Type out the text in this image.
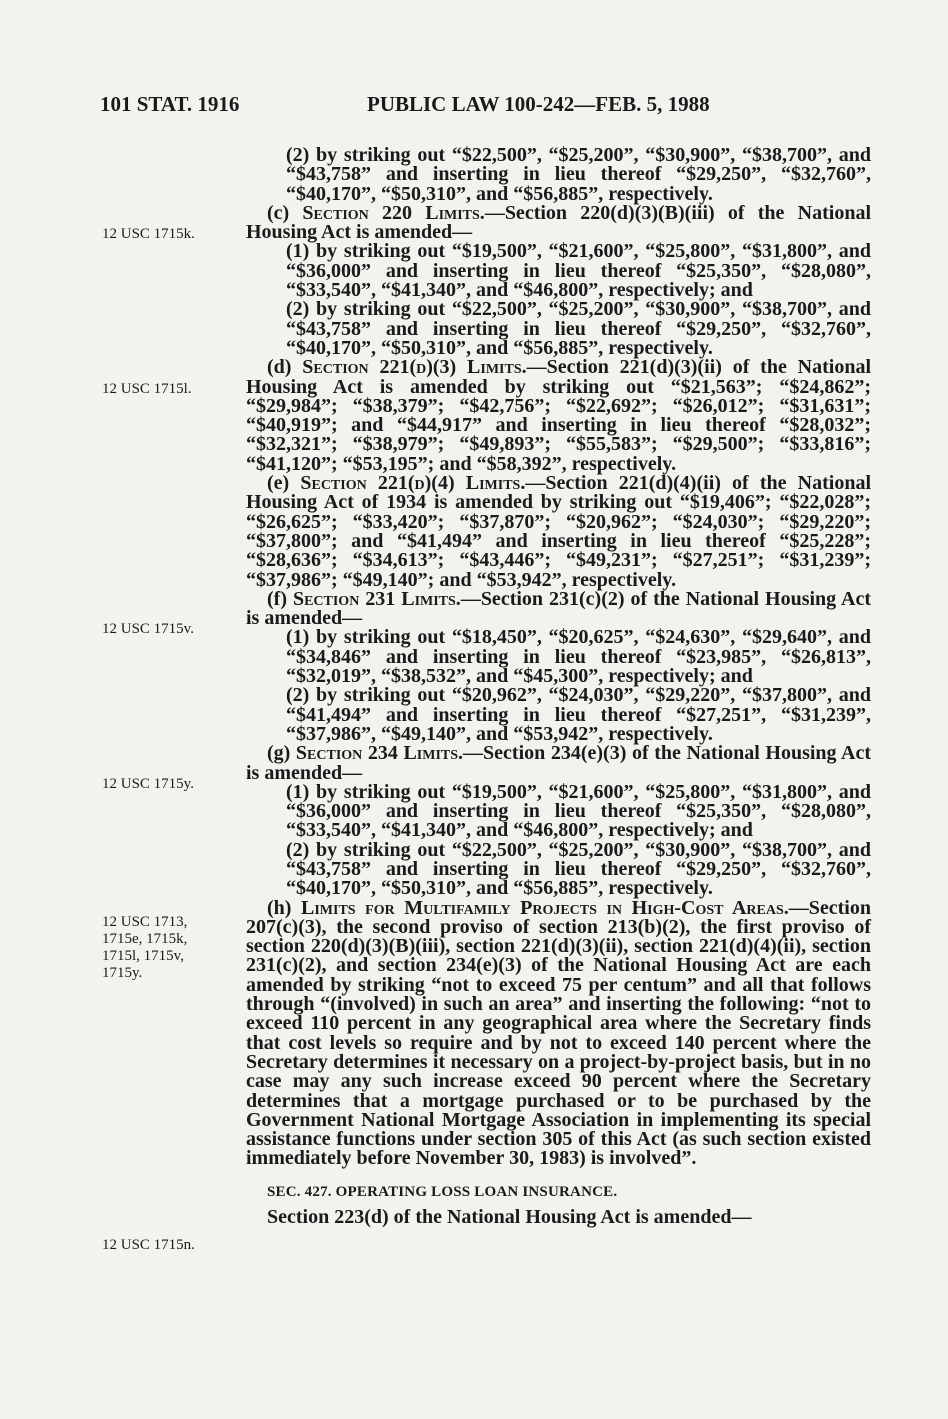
101 STAT. 1916	PUBLIC LAW 100-242—FEB. 5, 1988
12 USC 1715k.
12 USC 1715l.
12 USC 1715v.
12 USC 1715y.
12 USC 1713,
1715e, 1715k,
1715l, 1715v,
1715y.
12 USC 1715n.

(2) by striking out “$22,500”, “$25,200”, “$30,900”, “$38,700”, and “$43,758” and inserting in lieu thereof “$29,250”, “$32,760”, “$40,170”, “$50,310”, and “$56,885”, respectively.

(c) Section 220 Limits.—Section 220(d)(3)(B)(iii) of the National Housing Act is amended—

(1) by striking out “$19,500”, “$21,600”, “$25,800”, “$31,800”, and “$36,000” and inserting in lieu thereof “$25,350”, “$28,080”, “$33,540”, “$41,340”, and “$46,800”, respectively; and

(2) by striking out “$22,500”, “$25,200”, “$30,900”, “$38,700”, and “$43,758” and inserting in lieu thereof “$29,250”, “$32,760”, “$40,170”, “$50,310”, and “$56,885”, respectively.

(d) Section 221(d)(3) Limits.—Section 221(d)(3)(ii) of the National Housing Act is amended by striking out “$21,563”; “$24,862”; “$29,984”; “$38,379”; “$42,756”; “$22,692”; “$26,012”; “$31,631”; “$40,919”; and “$44,917” and inserting in lieu thereof “$28,032”; “$32,321”; “$38,979”; “$49,893”; “$55,583”; “$29,500”; “$33,816”; “$41,120”; “$53,195”; and “$58,392”, respectively.

(e) Section 221(d)(4) Limits.—Section 221(d)(4)(ii) of the National Housing Act of 1934 is amended by striking out “$19,406”; “$22,028”; “$26,625”; “$33,420”; “$37,870”; “$20,962”; “$24,030”; “$29,220”; “$37,800”; and “$41,494” and inserting in lieu thereof “$25,228”; “$28,636”; “$34,613”; “$43,446”; “$49,231”; “$27,251”; “$31,239”; “$37,986”; “$49,140”; and “$53,942”, respectively.

(f) Section 231 Limits.—Section 231(c)(2) of the National Housing Act is amended—

(1) by striking out “$18,450”, “$20,625”, “$24,630”, “$29,640”, and “$34,846” and inserting in lieu thereof “$23,985”, “$26,813”, “$32,019”, “$38,532”, and “$45,300”, respectively; and

(2) by striking out “$20,962”, “$24,030”, “$29,220”, “$37,800”, and “$41,494” and inserting in lieu thereof “$27,251”, “$31,239”, “$37,986”, “$49,140”, and “$53,942”, respectively.

(g) Section 234 Limits.—Section 234(e)(3) of the National Housing Act is amended—

(1) by striking out “$19,500”, “$21,600”, “$25,800”, “$31,800”, and “$36,000” and inserting in lieu thereof “$25,350”, “$28,080”, “$33,540”, “$41,340”, and “$46,800”, respectively; and

(2) by striking out “$22,500”, “$25,200”, “$30,900”, “$38,700”, and “$43,758” and inserting in lieu thereof “$29,250”, “$32,760”, “$40,170”, “$50,310”, and “$56,885”, respectively.

(h) Limits for Multifamily Projects in High-Cost Areas.—Section 207(c)(3), the second proviso of section 213(b)(2), the first proviso of section 220(d)(3)(B)(iii), section 221(d)(3)(ii), section 221(d)(4)(ii), section 231(c)(2), and section 234(e)(3) of the National Housing Act are each amended by striking “not to exceed 75 per centum” and all that follows through “(involved) in such an area” and inserting the following: “not to exceed 110 percent in any geographical area where the Secretary finds that cost levels so require and by not to exceed 140 percent where the Secretary determines it necessary on a project-by-project basis, but in no case may any such increase exceed 90 percent where the Secretary determines that a mortgage purchased or to be purchased by the Government National Mortgage Association in implementing its special assistance functions under section 305 of this Act (as such section existed immediately before November 30, 1983) is involved”.

SEC. 427. OPERATING LOSS LOAN INSURANCE.

Section 223(d) of the National Housing Act is amended—
